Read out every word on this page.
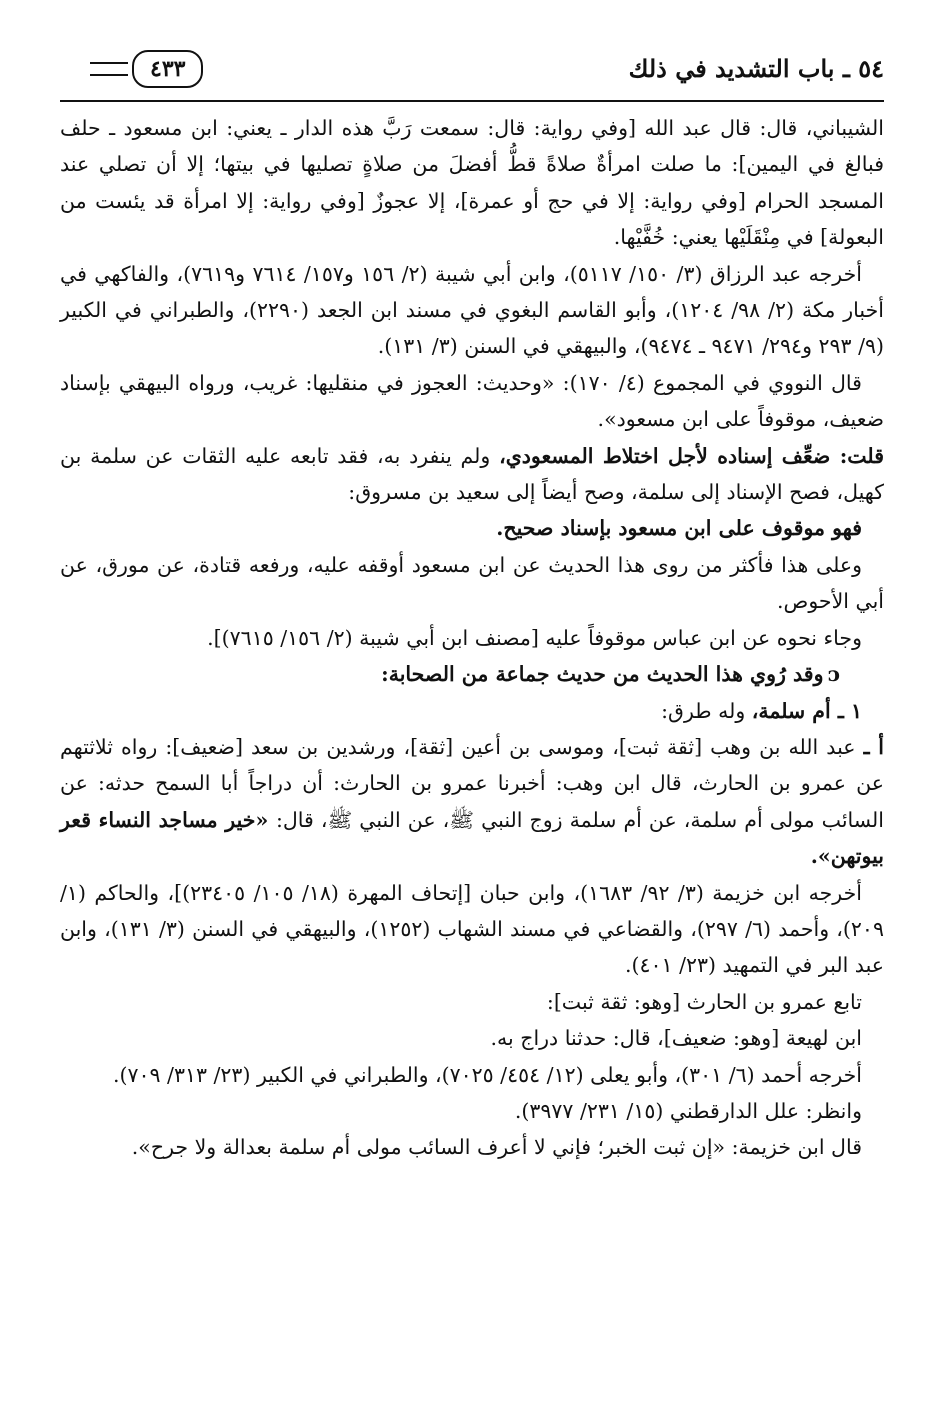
٥٤ ـ باب التشديد في ذلك
٤٣٣

الشيباني، قال: قال عبد الله [وفي رواية: قال: سمعت رَبَّ هذه الدار ـ يعني: ابن مسعود ـ حلف فبالغ في اليمين]: ما صلت امرأةٌ صلاةً قطُّ أفضلَ من صلاةٍ تصليها في بيتها؛ إلا أن تصلي عند المسجد الحرام [وفي رواية: إلا في حج أو عمرة]، إلا عجوزٌ [وفي رواية: إلا امرأة قد يئست من البعولة] في مِنْقَلَيْها يعني: خُفَّيْها.

أخرجه عبد الرزاق (٣/ ١٥٠/ ٥١١٧)، وابن أبي شيبة (٢/ ١٥٦ و١٥٧/ ٧٦١٤ و٧٦١٩)، والفاكهي في أخبار مكة (٢/ ٩٨/ ١٢٠٤)، وأبو القاسم البغوي في مسند ابن الجعد (٢٢٩٠)، والطبراني في الكبير (٩/ ٢٩٣ و٢٩٤/ ٩٤٧١ ـ ٩٤٧٤)، والبيهقي في السنن (٣/ ١٣١).

قال النووي في المجموع (٤/ ١٧٠): «وحديث: العجوز في منقليها: غريب، ورواه البيهقي بإسناد ضعيف، موقوفاً على ابن مسعود».

قلت: ضعِّف إسناده لأجل اختلاط المسعودي، ولم ينفرد به، فقد تابعه عليه الثقات عن سلمة بن كهيل، فصح الإسناد إلى سلمة، وصح أيضاً إلى سعيد بن مسروق:

فهو موقوف على ابن مسعود بإسناد صحيح.

وعلى هذا فأكثر من روى هذا الحديث عن ابن مسعود أوقفه عليه، ورفعه قتادة، عن مورق، عن أبي الأحوص.

وجاء نحوه عن ابن عباس موقوفاً عليه [مصنف ابن أبي شيبة (٢/ ١٥٦/ ٧٦١٥)].

ᴐوقد رُوي هذا الحديث من حديث جماعة من الصحابة:

١ ـ أم سلمة، وله طرق:

أ ـ عبد الله بن وهب [ثقة ثبت]، وموسى بن أعين [ثقة]، ورشدين بن سعد [ضعيف]: رواه ثلاثتهم عن عمرو بن الحارث، قال ابن وهب: أخبرنا عمرو بن الحارث: أن دراجاً أبا السمح حدثه: عن السائب مولى أم سلمة، عن أم سلمة زوج النبي ﷺ، عن النبي ﷺ، قال: «خير مساجد النساء قعر بيوتهن».

أخرجه ابن خزيمة (٣/ ٩٢/ ١٦٨٣)، وابن حبان [إتحاف المهرة (١٨/ ١٠٥/ ٢٣٤٠٥)]، والحاكم (١/ ٢٠٩)، وأحمد (٦/ ٢٩٧)، والقضاعي في مسند الشهاب (١٢٥٢)، والبيهقي في السنن (٣/ ١٣١)، وابن عبد البر في التمهيد (٢٣/ ٤٠١).

تابع عمرو بن الحارث [وهو: ثقة ثبت]:

ابن لهيعة [وهو: ضعيف]، قال: حدثنا دراج به.

أخرجه أحمد (٦/ ٣٠١)، وأبو يعلى (١٢/ ٤٥٤/ ٧٠٢٥)، والطبراني في الكبير (٢٣/ ٣١٣/ ٧٠٩).

وانظر: علل الدارقطني (١٥/ ٢٣١/ ٣٩٧٧).

قال ابن خزيمة: «إن ثبت الخبر؛ فإني لا أعرف السائب مولى أم سلمة بعدالة ولا جرح».
